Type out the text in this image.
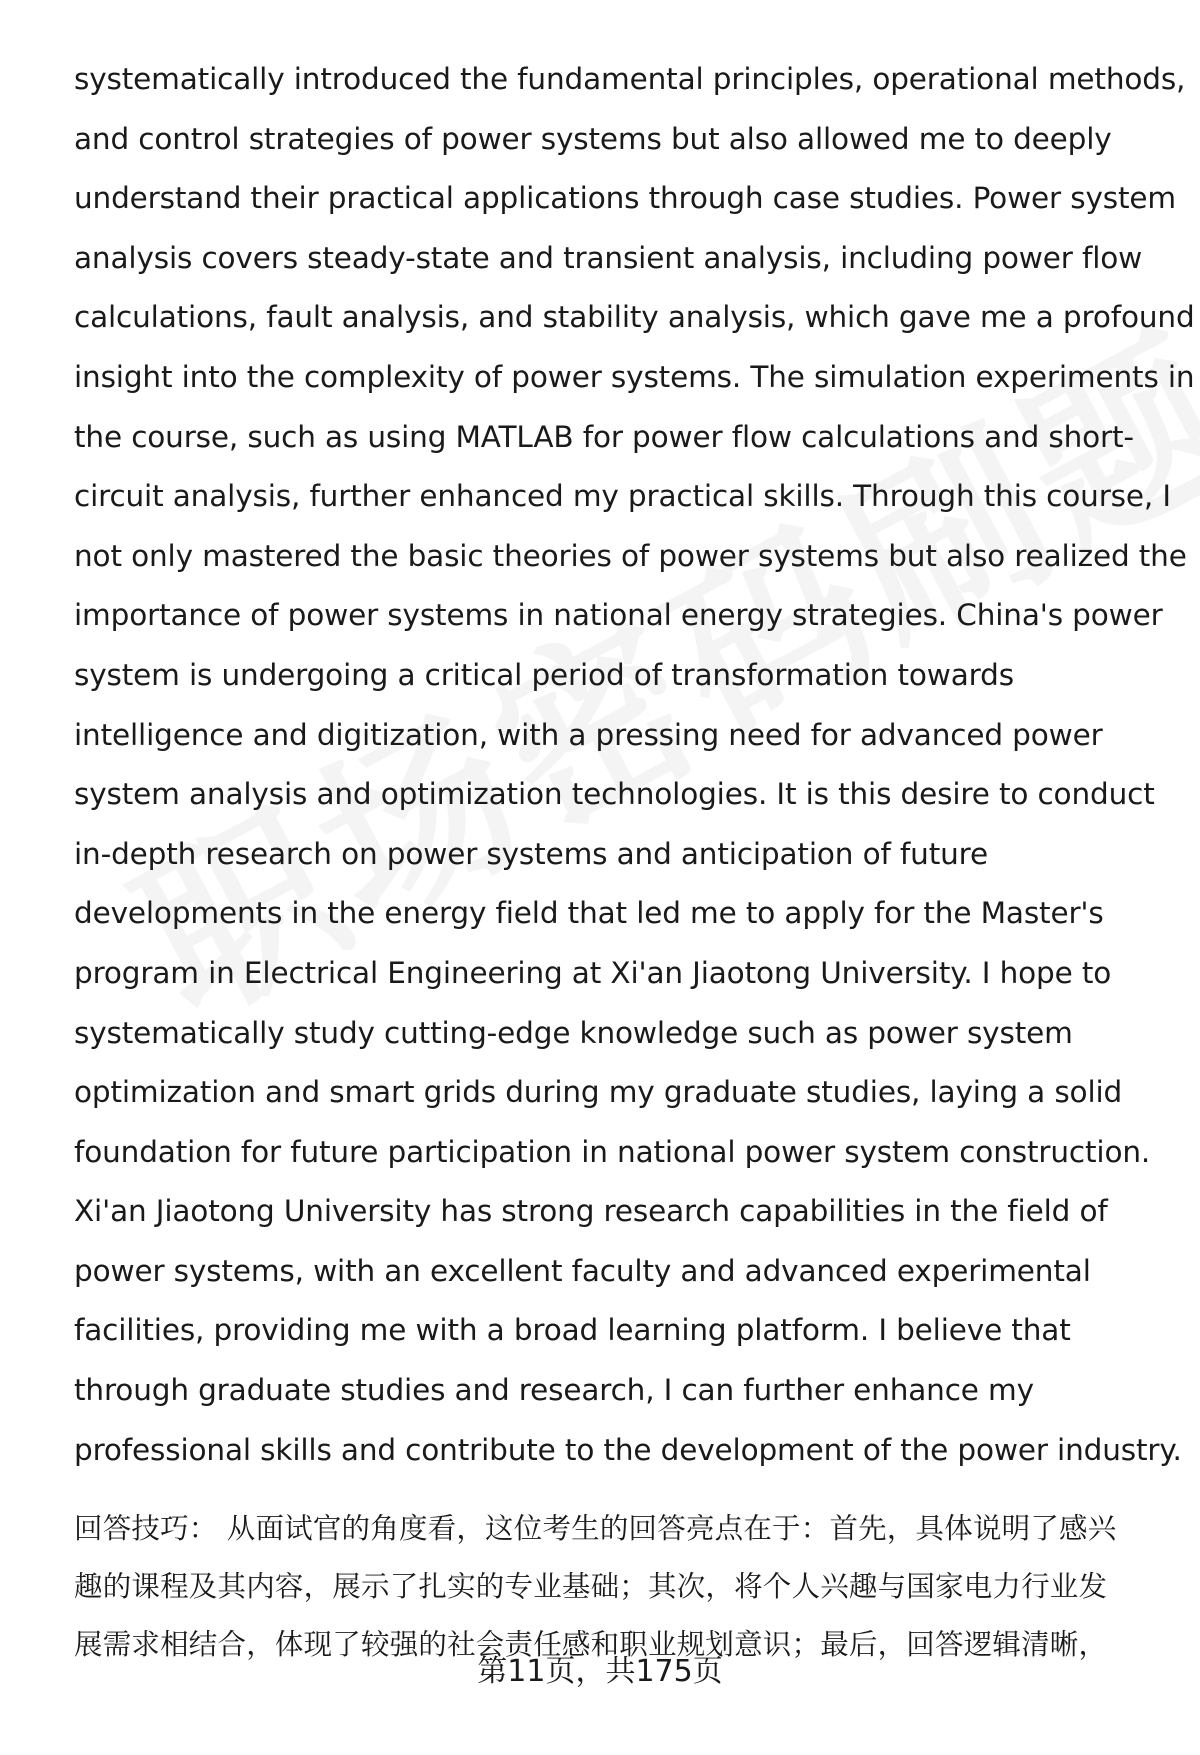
systematically introduced the fundamental principles, operational methods,
and control strategies of power systems but also allowed me to deeply
understand their practical applications through case studies. Power system
analysis covers steady-state and transient analysis, including power flow
calculations, fault analysis, and stability analysis, which gave me a profound
insight into the complexity of power systems. The simulation experiments in
the course, such as using MATLAB for power flow calculations and short-
circuit analysis, further enhanced my practical skills. Through this course, I
not only mastered the basic theories of power systems but also realized the
importance of power systems in national energy strategies. China's power
system is undergoing a critical period of transformation towards
intelligence and digitization, with a pressing need for advanced power
system analysis and optimization technologies. It is this desire to conduct
in-depth research on power systems and anticipation of future
developments in the energy field that led me to apply for the Master's
program in Electrical Engineering at Xi'an Jiaotong University. I hope to
systematically study cutting-edge knowledge such as power system
optimization and smart grids during my graduate studies, laying a solid
foundation for future participation in national power system construction.
Xi'an Jiaotong University has strong research capabilities in the field of
power systems, with an excellent faculty and advanced experimental
facilities, providing me with a broad learning platform. I believe that
through graduate studies and research, I can further enhance my
professional skills and contribute to the development of the power industry.
回答技巧： 从面试官的角度看，这位考生的回答亮点在于：首先，具体说明了感兴
趣的课程及其内容，展示了扎实的专业基础；其次，将个人兴趣与国家电力行业发
展需求相结合，体现了较强的社会责任感和职业规划意识；最后，回答逻辑清晰，
第11页，共175页
